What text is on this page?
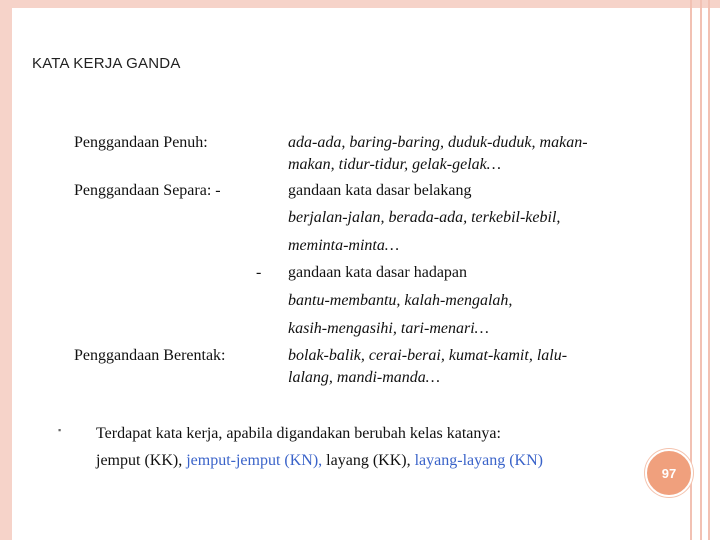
KATA KERJA GANDA
Penggandaan Penuh:	ada-ada, baring-baring, duduk-duduk, makan-
makan, tidur-tidur, gelak-gelak…
Penggandaan Separa: -	gandaan kata dasar belakang
berjalan-jalan, berada-ada, terkebil-kebil,
meminta-minta…
- gandaan kata dasar hadapan
bantu-membantu, kalah-mengalah,
kasih-mengasihi, tari-menari…
Penggandaan Berentak:	bolak-balik, cerai-berai, kumat-kamit, lalu-
lalang, mandi-manda…
▪ Terdapat kata kerja, apabila digandakan berubah kelas katanya:
jemput (KK), jemput-jemput (KN), layang (KK), layang-layang (KN)
97
